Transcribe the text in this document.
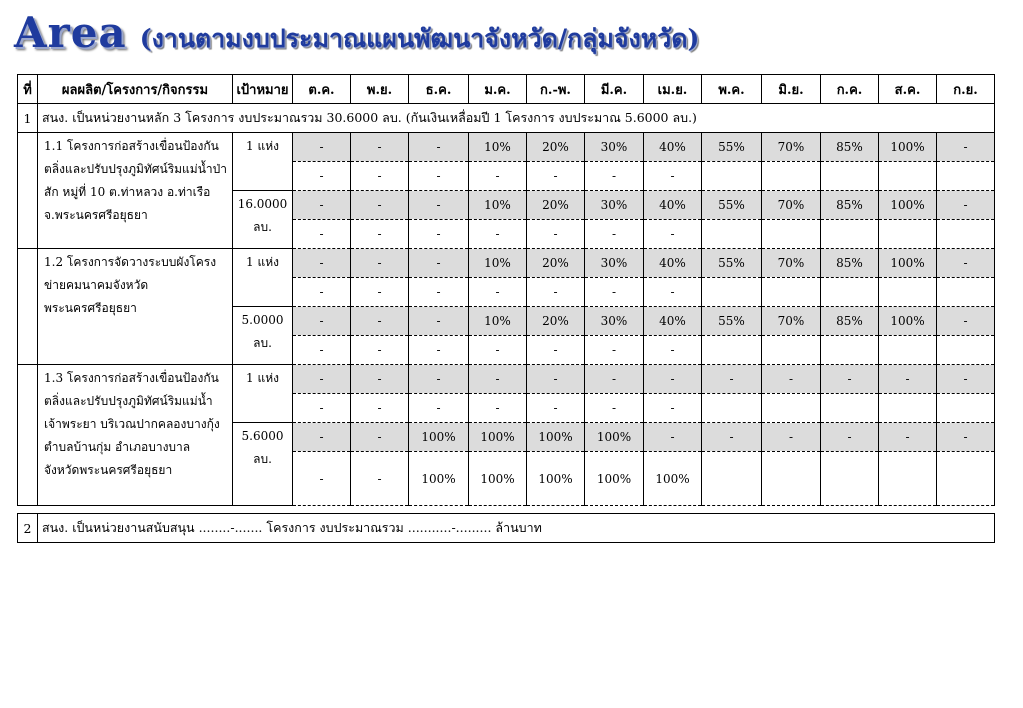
Area (งานตามงบประมาณแผนพัฒนาจังหวัด/กลุ่มจังหวัด)
ที่	ผลผลิต/โครงการ/กิจกรรม	เป้าหมาย	ต.ค.	พ.ย.	ธ.ค.	ม.ค.	ก.-พ.	มี.ค.	เม.ย.	พ.ค.	มิ.ย.	ก.ค.	ส.ค.	ก.ย.
1	สนง. เป็นหน่วยงานหลัก 3 โครงการ งบประมาณรวม 30.6000 ลบ. (กันเงินเหลื่อมปี 1 โครงการ งบประมาณ 5.6000 ลบ.)													
	1.1 โครงการก่อสร้างเขื่อนป้องกันตลิ่งและปรับปรุงภูมิทัศน์ริมแม่น้ำป่าสัก หมู่ที่ 10 ต.ท่าหลวง อ.ท่าเรือ จ.พระนครศรีอยุธยา	1 แห่ง	-	-	-	10%	20%	30%	40%	55%	70%	85%	100%	-
			-	-	-	-	-	-	-					
		16.0000 ลบ.	-	-	-	10%	20%	30%	40%	55%	70%	85%	100%	-
			-	-	-	-	-	-	-					
	1.2 โครงการจัดวางระบบผังโครงข่ายคมนาคมจังหวัดพระนครศรีอยุธยา	1 แห่ง	-	-	-	10%	20%	30%	40%	55%	70%	85%	100%	-
			-	-	-	-	-	-	-					
		5.0000 ลบ.	-	-	-	10%	20%	30%	40%	55%	70%	85%	100%	-
			-	-	-	-	-	-	-					
	1.3 โครงการก่อสร้างเขื่อนป้องกันตลิ่งและปรับปรุงภูมิทัศน์ริมแม่น้ำเจ้าพระยา บริเวณปากคลองบางกุ้ง ตำบลบ้านกุ่ม อำเภอบางบาล จังหวัดพระนครศรีอยุธยา	1 แห่ง	-	-	-	-	-	-	-	-	-	-	-	-
			-	-	-	-	-	-	-					
		5.6000 ลบ.	-	-	100%	100%	100%	100%	-	-	-	-	-	-
			-	-	100%	100%	100%	100%	100%					

2	สนง. เป็นหน่วยงานสนับสนุน ........-....... โครงการ งบประมาณรวม ...........-......... ล้านบาท													
